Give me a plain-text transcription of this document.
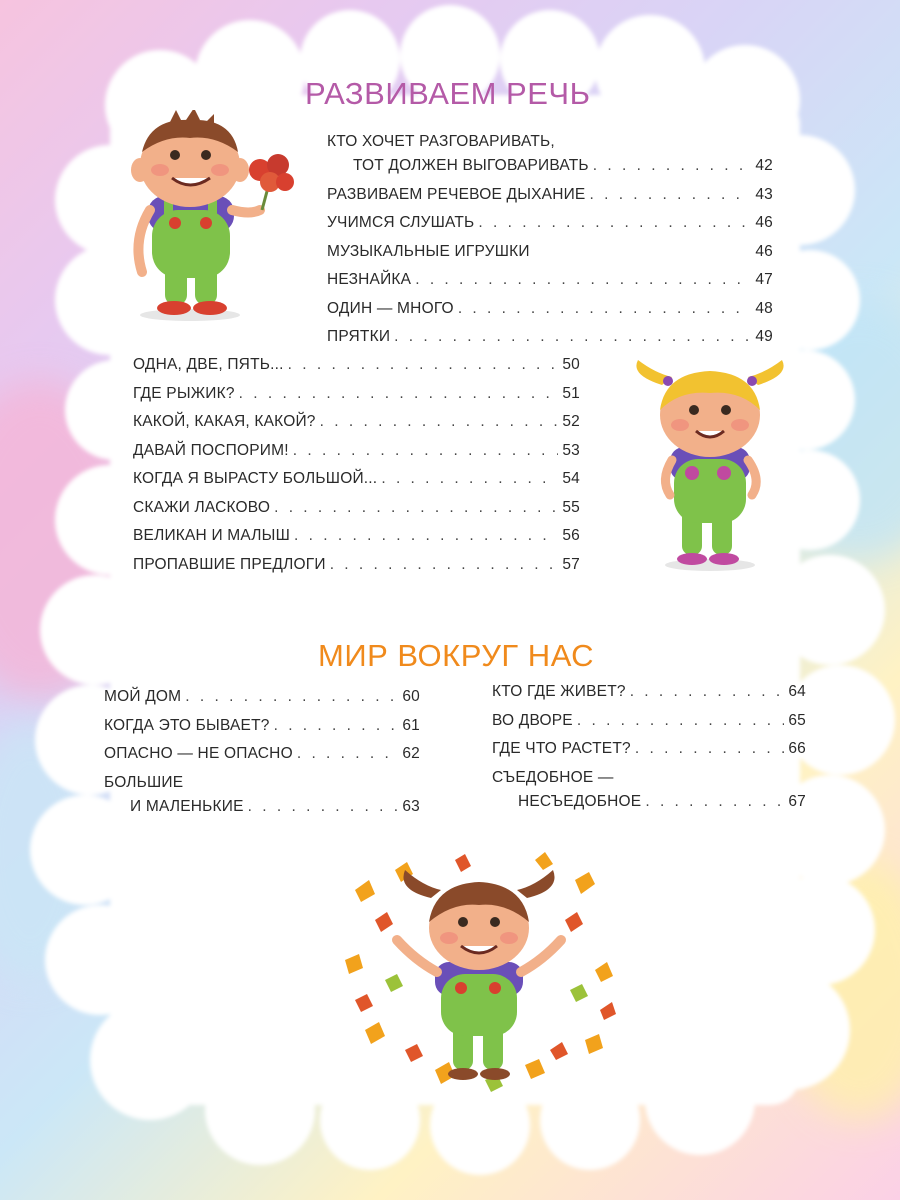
РАЗВИВАЕМ РЕЧЬ
КТО ХОЧЕТ РАЗГОВАРИВАТЬ,
ТОТ ДОЛЖЕН ВЫГОВАРИВАТЬ . . .	42
РАЗВИВАЕМ РЕЧЕВОЕ ДЫХАНИЕ . . .	43
УЧИМСЯ СЛУШАТЬ . . .	46
МУЗЫКАЛЬНЫЕ ИГРУШКИ	46
НЕЗНАЙКА . . .	47
ОДИН — МНОГО . . .	48
ПРЯТКИ . . .	49
ОДНА, ДВЕ, ПЯТЬ... . . .	50
ГДЕ РЫЖИК? . . .	51
КАКОЙ, КАКАЯ, КАКОЙ? . . .	52
ДАВАЙ ПОСПОРИМ! . . .	53
КОГДА Я ВЫРАСТУ БОЛЬШОЙ... . . .	54
СКАЖИ ЛАСКОВО . . .	55
ВЕЛИКАН И МАЛЫШ . . .	56
ПРОПАВШИЕ ПРЕДЛОГИ . . .	57
МИР ВОКРУГ НАС
МОЙ ДОМ . . .	60
КОГДА ЭТО БЫВАЕТ? . . .	61
ОПАСНО — НЕ ОПАСНО . . .	62
БОЛЬШИЕ
И МАЛЕНЬКИЕ . . .	63
КТО ГДЕ ЖИВЕТ? . . .	64
ВО ДВОРЕ . . .	65
ГДЕ ЧТО РАСТЕТ? . . .	66
СЪЕДОБНОЕ —
НЕСЪЕДОБНОЕ . . .	67
